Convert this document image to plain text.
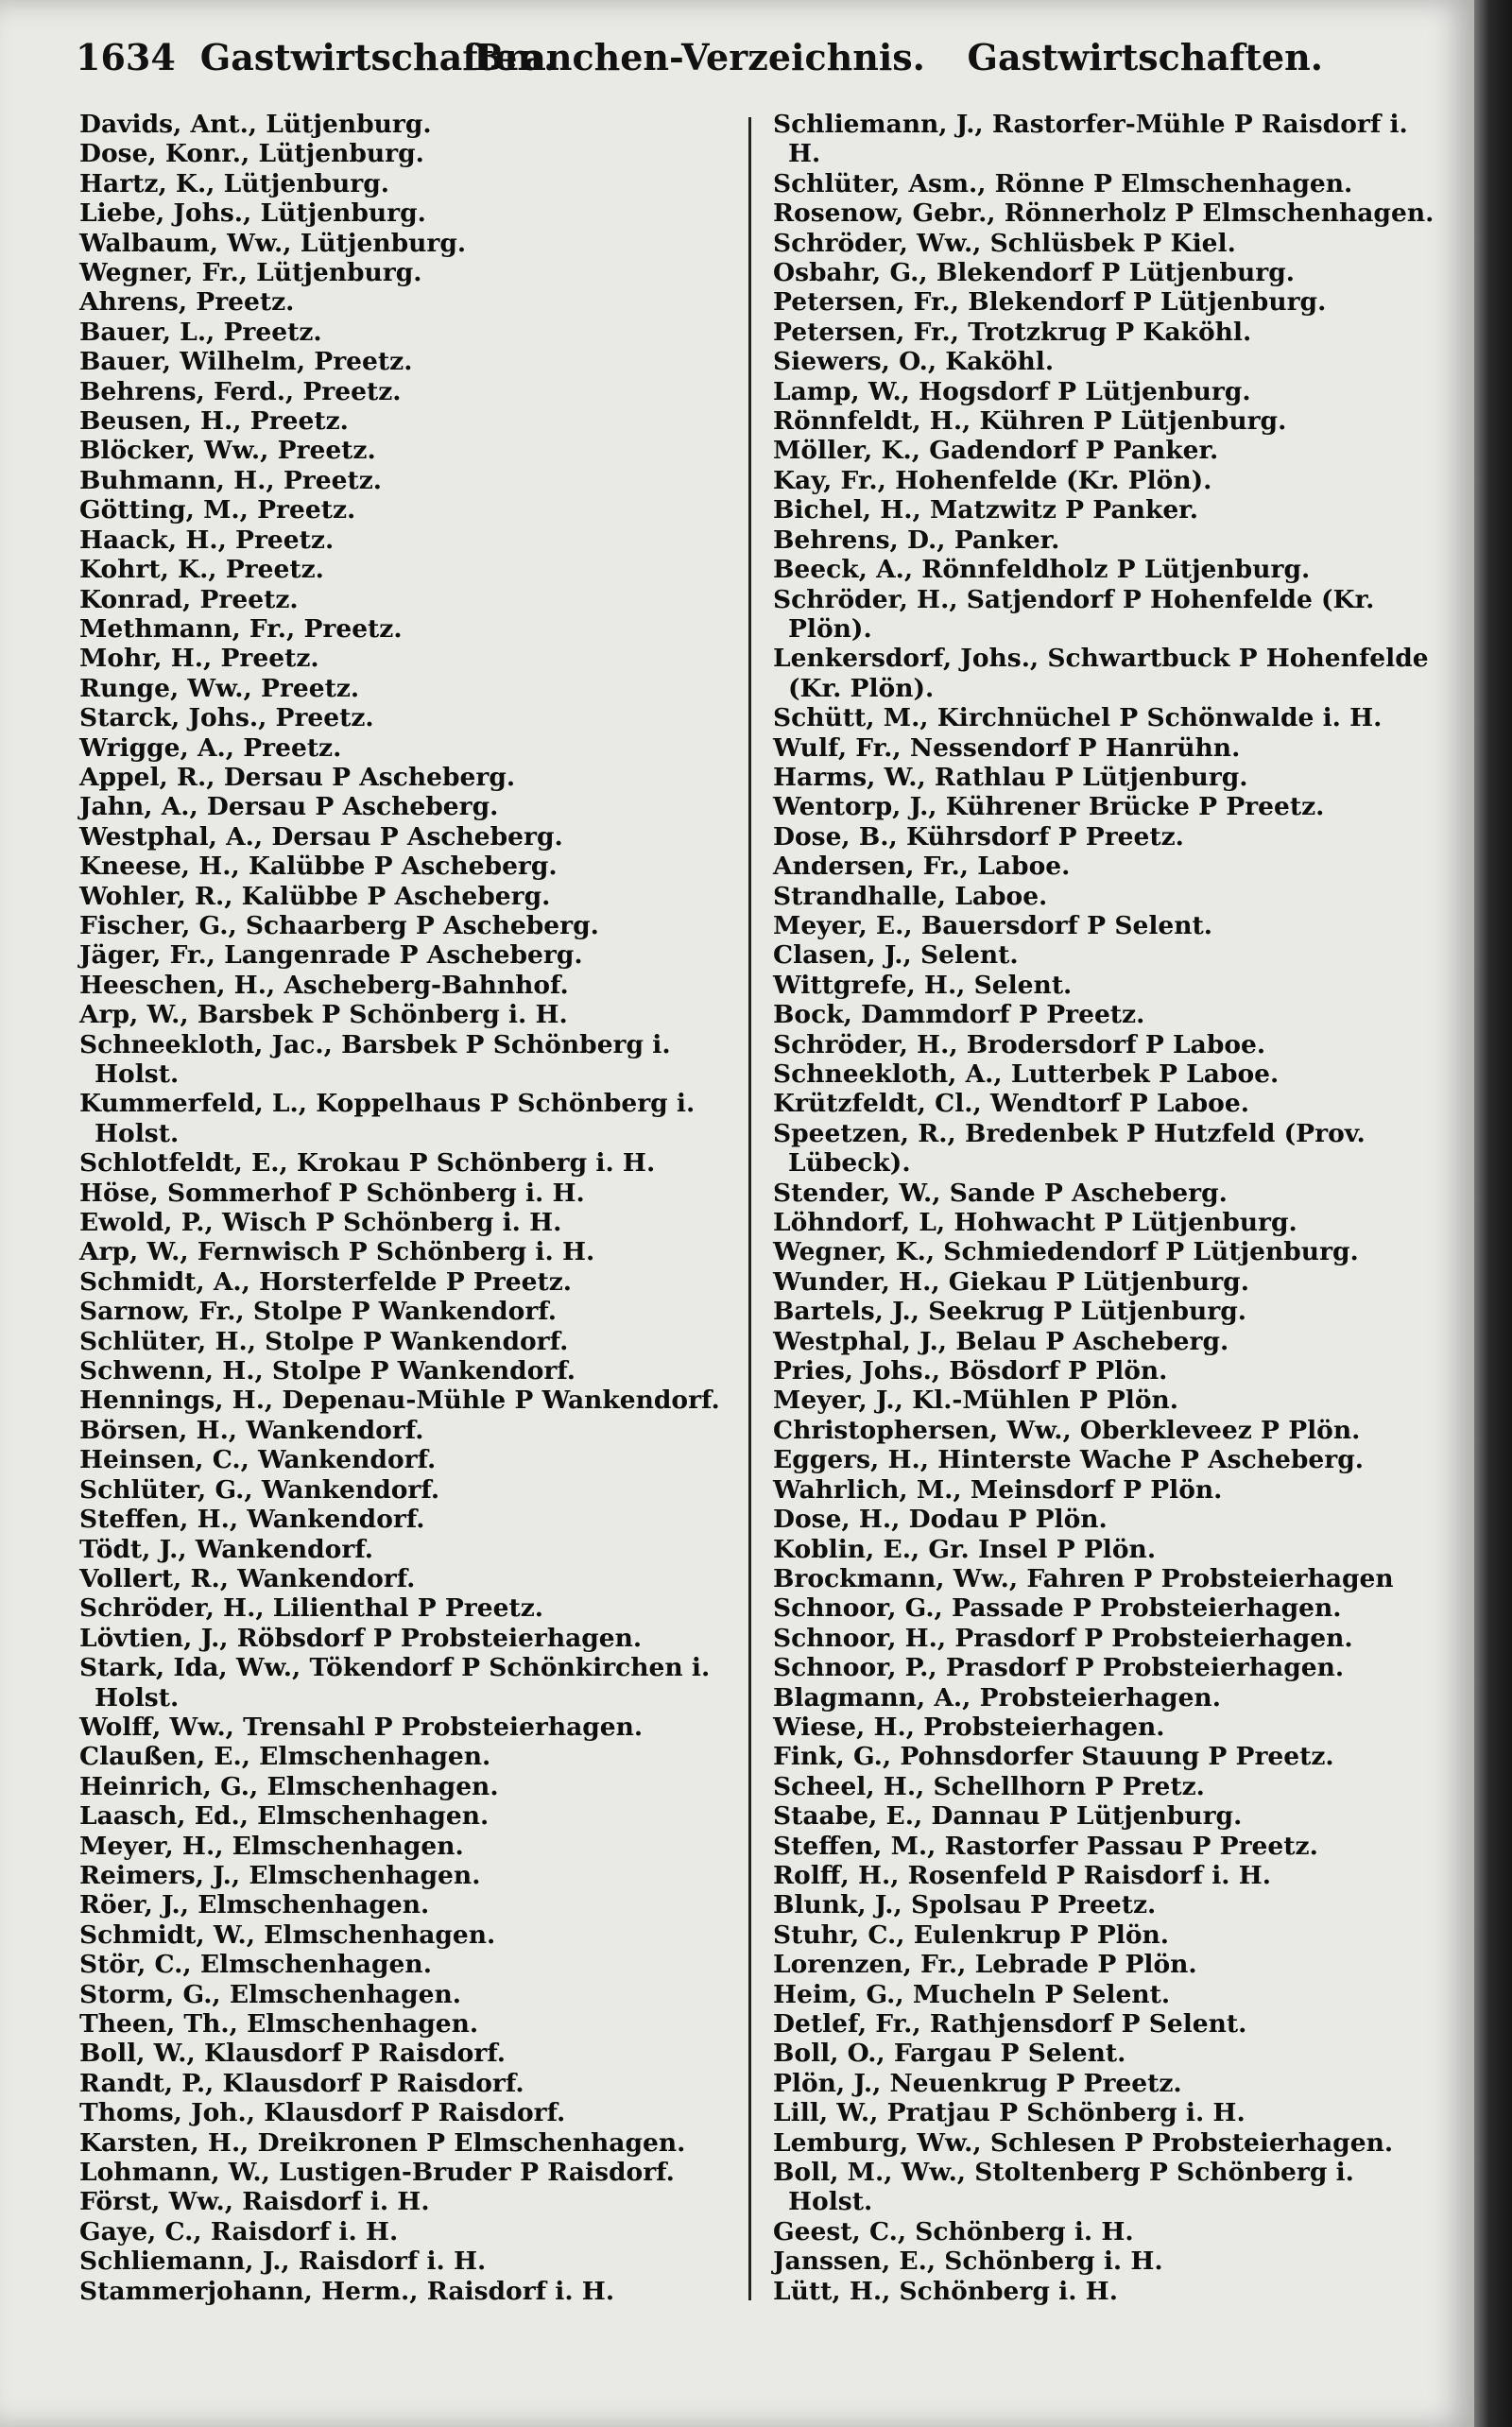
1634 Gastwirtschaften.
Branchen-Verzeichnis.	Gastwirtschaften.
Davids, Ant., Lütjenburg.
Dose, Konr., Lütjenburg.
Hartz, K., Lütjenburg.
Liebe, Johs., Lütjenburg.
Walbaum, Ww., Lütjenburg.
Wegner, Fr., Lütjenburg.
Ahrens, Preetz.
Bauer, L., Preetz.
Bauer, Wilhelm, Preetz.
Behrens, Ferd., Preetz.
Beusen, H., Preetz.
Blöcker, Ww., Preetz.
Buhmann, H., Preetz.
Götting, M., Preetz.
Haack, H., Preetz.
Kohrt, K., Preetz.
Konrad, Preetz.
Methmann, Fr., Preetz.
Mohr, H., Preetz.
Runge, Ww., Preetz.
Starck, Johs., Preetz.
Wrigge, A., Preetz.
Appel, R., Dersau P Ascheberg.
Jahn, A., Dersau P Ascheberg.
Westphal, A., Dersau P Ascheberg.
Kneese, H., Kalübbe P Ascheberg.
Wohler, R., Kalübbe P Ascheberg.
Fischer, G., Schaarberg P Ascheberg.
Jäger, Fr., Langenrade P Ascheberg.
Heeschen, H., Ascheberg-Bahnhof.
Arp, W., Barsbek P Schönberg i. H.
Schneekloth, Jac., Barsbek P Schönberg i. Holst.
Kummerfeld, L., Koppelhaus P Schönberg i. Holst.
Schlotfeldt, E., Krokau P Schönberg i. H.
Höse, Sommerhof P Schönberg i. H.
Ewold, P., Wisch P Schönberg i. H.
Arp, W., Fernwisch P Schönberg i. H.
Schmidt, A., Horsterfelde P Preetz.
Sarnow, Fr., Stolpe P Wankendorf.
Schlüter, H., Stolpe P Wankendorf.
Schwenn, H., Stolpe P Wankendorf.
Hennings, H., Depenau-Mühle P Wankendorf.
Börsen, H., Wankendorf.
Heinsen, C., Wankendorf.
Schlüter, G., Wankendorf.
Steffen, H., Wankendorf.
Tödt, J., Wankendorf.
Vollert, R., Wankendorf.
Schröder, H., Lilienthal P Preetz.
Lövtien, J., Röbsdorf P Probsteierhagen.
Stark, Ida, Ww., Tökendorf P Schönkirchen i. Holst.
Wolff, Ww., Trensahl P Probsteierhagen.
Claußen, E., Elmschenhagen.
Heinrich, G., Elmschenhagen.
Laasch, Ed., Elmschenhagen.
Meyer, H., Elmschenhagen.
Reimers, J., Elmschenhagen.
Röer, J., Elmschenhagen.
Schmidt, W., Elmschenhagen.
Stör, C., Elmschenhagen.
Storm, G., Elmschenhagen.
Theen, Th., Elmschenhagen.
Boll, W., Klausdorf P Raisdorf.
Randt, P., Klausdorf P Raisdorf.
Thoms, Joh., Klausdorf P Raisdorf.
Karsten, H., Dreikronen P Elmschenhagen.
Lohmann, W., Lustigen-Bruder P Raisdorf.
Först, Ww., Raisdorf i. H.
Gaye, C., Raisdorf i. H.
Schliemann, J., Raisdorf i. H.
Stammerjohann, Herm., Raisdorf i. H.
Schliemann, J., Rastorfer-Mühle P Raisdorf i. H.
Schlüter, Asm., Rönne P Elmschenhagen.
Rosenow, Gebr., Rönnerholz P Elmschenhagen.
Schröder, Ww., Schlüsbek P Kiel.
Osbahr, G., Blekendorf P Lütjenburg.
Petersen, Fr., Blekendorf P Lütjenburg.
Petersen, Fr., Trotzkrug P Kaköhl.
Siewers, O., Kaköhl.
Lamp, W., Hogsdorf P Lütjenburg.
Rönnfeldt, H., Kühren P Lütjenburg.
Möller, K., Gadendorf P Panker.
Kay, Fr., Hohenfelde (Kr. Plön).
Bichel, H., Matzwitz P Panker.
Behrens, D., Panker.
Beeck, A., Rönnfeldholz P Lütjenburg.
Schröder, H., Satjendorf P Hohenfelde (Kr. Plön).
Lenkersdorf, Johs., Schwartbuck P Hohenfelde (Kr. Plön).
Schütt, M., Kirchnüchel P Schönwalde i. H.
Wulf, Fr., Nessendorf P Hanrühn.
Harms, W., Rathlau P Lütjenburg.
Wentorp, J., Kührener Brücke P Preetz.
Dose, B., Kührsdorf P Preetz.
Andersen, Fr., Laboe.
Strandhalle, Laboe.
Meyer, E., Bauersdorf P Selent.
Clasen, J., Selent.
Wittgrefe, H., Selent.
Bock, Dammdorf P Preetz.
Schröder, H., Brodersdorf P Laboe.
Schneekloth, A., Lutterbek P Laboe.
Krützfeldt, Cl., Wendtorf P Laboe.
Speetzen, R., Bredenbek P Hutzfeld (Prov. Lübeck).
Stender, W., Sande P Ascheberg.
Löhndorf, L, Hohwacht P Lütjenburg.
Wegner, K., Schmiedendorf P Lütjenburg.
Wunder, H., Giekau P Lütjenburg.
Bartels, J., Seekrug P Lütjenburg.
Westphal, J., Belau P Ascheberg.
Pries, Johs., Bösdorf P Plön.
Meyer, J., Kl.-Mühlen P Plön.
Christophersen, Ww., Oberkleveez P Plön.
Eggers, H., Hinterste Wache P Ascheberg.
Wahrlich, M., Meinsdorf P Plön.
Dose, H., Dodau P Plön.
Koblin, E., Gr. Insel P Plön.
Brockmann, Ww., Fahren P Probsteierhagen
Schnoor, G., Passade P Probsteierhagen.
Schnoor, H., Prasdorf P Probsteierhagen.
Schnoor, P., Prasdorf P Probsteierhagen.
Blagmann, A., Probsteierhagen.
Wiese, H., Probsteierhagen.
Fink, G., Pohnsdorfer Stauung P Preetz.
Scheel, H., Schellhorn P Pretz.
Staabe, E., Dannau P Lütjenburg.
Steffen, M., Rastorfer Passau P Preetz.
Rolff, H., Rosenfeld P Raisdorf i. H.
Blunk, J., Spolsau P Preetz.
Stuhr, C., Eulenkrup P Plön.
Lorenzen, Fr., Lebrade P Plön.
Heim, G., Mucheln P Selent.
Detlef, Fr., Rathjensdorf P Selent.
Boll, O., Fargau P Selent.
Plön, J., Neuenkrug P Preetz.
Lill, W., Pratjau P Schönberg i. H.
Lemburg, Ww., Schlesen P Probsteierhagen.
Boll, M., Ww., Stoltenberg P Schönberg i. Holst.
Geest, C., Schönberg i. H.
Janssen, E., Schönberg i. H.
Lütt, H., Schönberg i. H.
